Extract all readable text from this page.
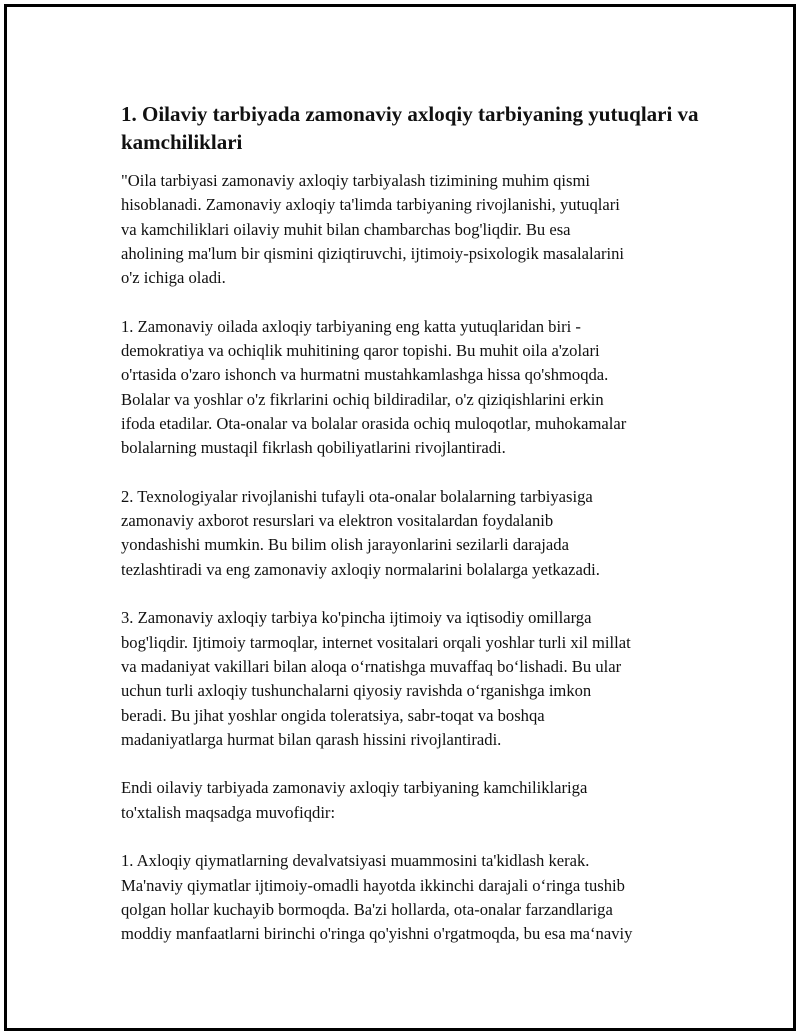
1. Oilaviy tarbiyada zamonaviy axloqiy tarbiyaning yutuqlari va kamchiliklari

"Oila tarbiyasi zamonaviy axloqiy tarbiyalash tizimining muhim qismi
hisoblanadi. Zamonaviy axloqiy ta'limda tarbiyaning rivojlanishi, yutuqlari
va kamchiliklari oilaviy muhit bilan chambarchas bog'liqdir. Bu esa
aholining ma'lum bir qismini qiziqtiruvchi, ijtimoiy-psixologik masalalarini
o'z ichiga oladi.

1. Zamonaviy oilada axloqiy tarbiyaning eng katta yutuqlaridan biri -
demokratiya va ochiqlik muhitining qaror topishi. Bu muhit oila a'zolari
o'rtasida o'zaro ishonch va hurmatni mustahkamlashga hissa qo'shmoqda.
Bolalar va yoshlar o'z fikrlarini ochiq bildiradilar, o'z qiziqishlarini erkin
ifoda etadilar. Ota-onalar va bolalar orasida ochiq muloqotlar, muhokamalar
bolalarning mustaqil fikrlash qobiliyatlarini rivojlantiradi.

2. Texnologiyalar rivojlanishi tufayli ota-onalar bolalarning tarbiyasiga
zamonaviy axborot resurslari va elektron vositalardan foydalanib
yondashishi mumkin. Bu bilim olish jarayonlarini sezilarli darajada
tezlashtiradi va eng zamonaviy axloqiy normalarini bolalarga yetkazadi.

3. Zamonaviy axloqiy tarbiya ko'pincha ijtimoiy va iqtisodiy omillarga
bog'liqdir. Ijtimoiy tarmoqlar, internet vositalari orqali yoshlar turli xil millat
va madaniyat vakillari bilan aloqa o‘rnatishga muvaffaq bo‘lishadi. Bu ular
uchun turli axloqiy tushunchalarni qiyosiy ravishda o‘rganishga imkon
beradi. Bu jihat yoshlar ongida toleratsiya, sabr-toqat va boshqa
madaniyatlarga hurmat bilan qarash hissini rivojlantiradi.

Endi oilaviy tarbiyada zamonaviy axloqiy tarbiyaning kamchiliklariga
to'xtalish maqsadga muvofiqdir:

1. Axloqiy qiymatlarning devalvatsiyasi muammosini ta'kidlash kerak.
Ma'naviy qiymatlar ijtimoiy-omadli hayotda ikkinchi darajali o‘ringa tushib
qolgan hollar kuchayib bormoqda. Ba'zi hollarda, ota-onalar farzandlariga
moddiy manfaatlarni birinchi o'ringa qo'yishni o'rgatmoqda, bu esa ma‘naviy
